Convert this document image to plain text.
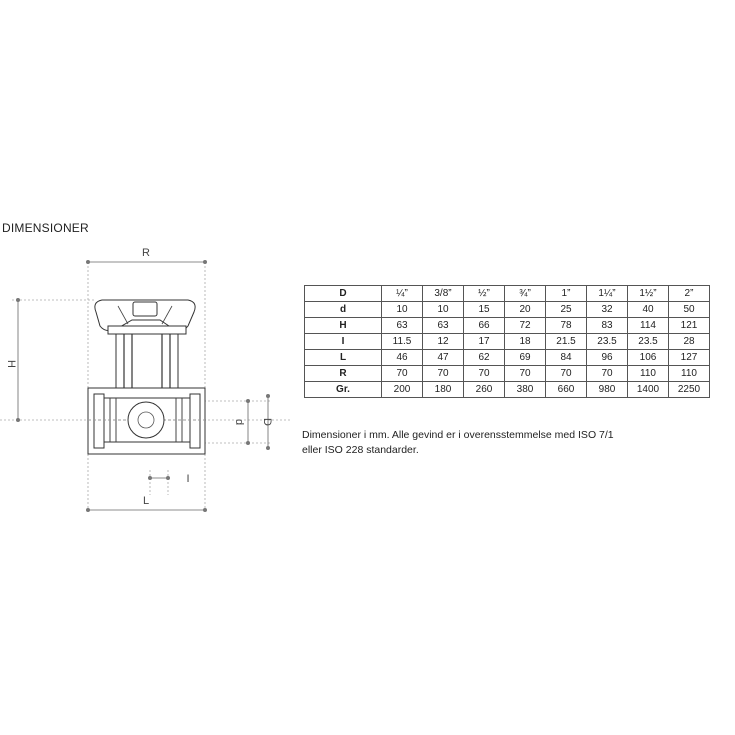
DIMENSIONER
R
H
d D
I
L
D	¼”	3/8”	½”	¾”	1”	1¼”	1½”	2”
d	10	10	15	20	25	32	40	50
H	63	63	66	72	78	83	114	121
I	11.5	12	17	18	21.5	23.5	23.5	28
L	46	47	62	69	84	96	106	127
R	70	70	70	70	70	70	110	110
Gr.	200	180	260	380	660	980	1400	2250
Dimensioner i mm. Alle gevind er i overensstemmelse med ISO 7/1
eller ISO 228 standarder.
